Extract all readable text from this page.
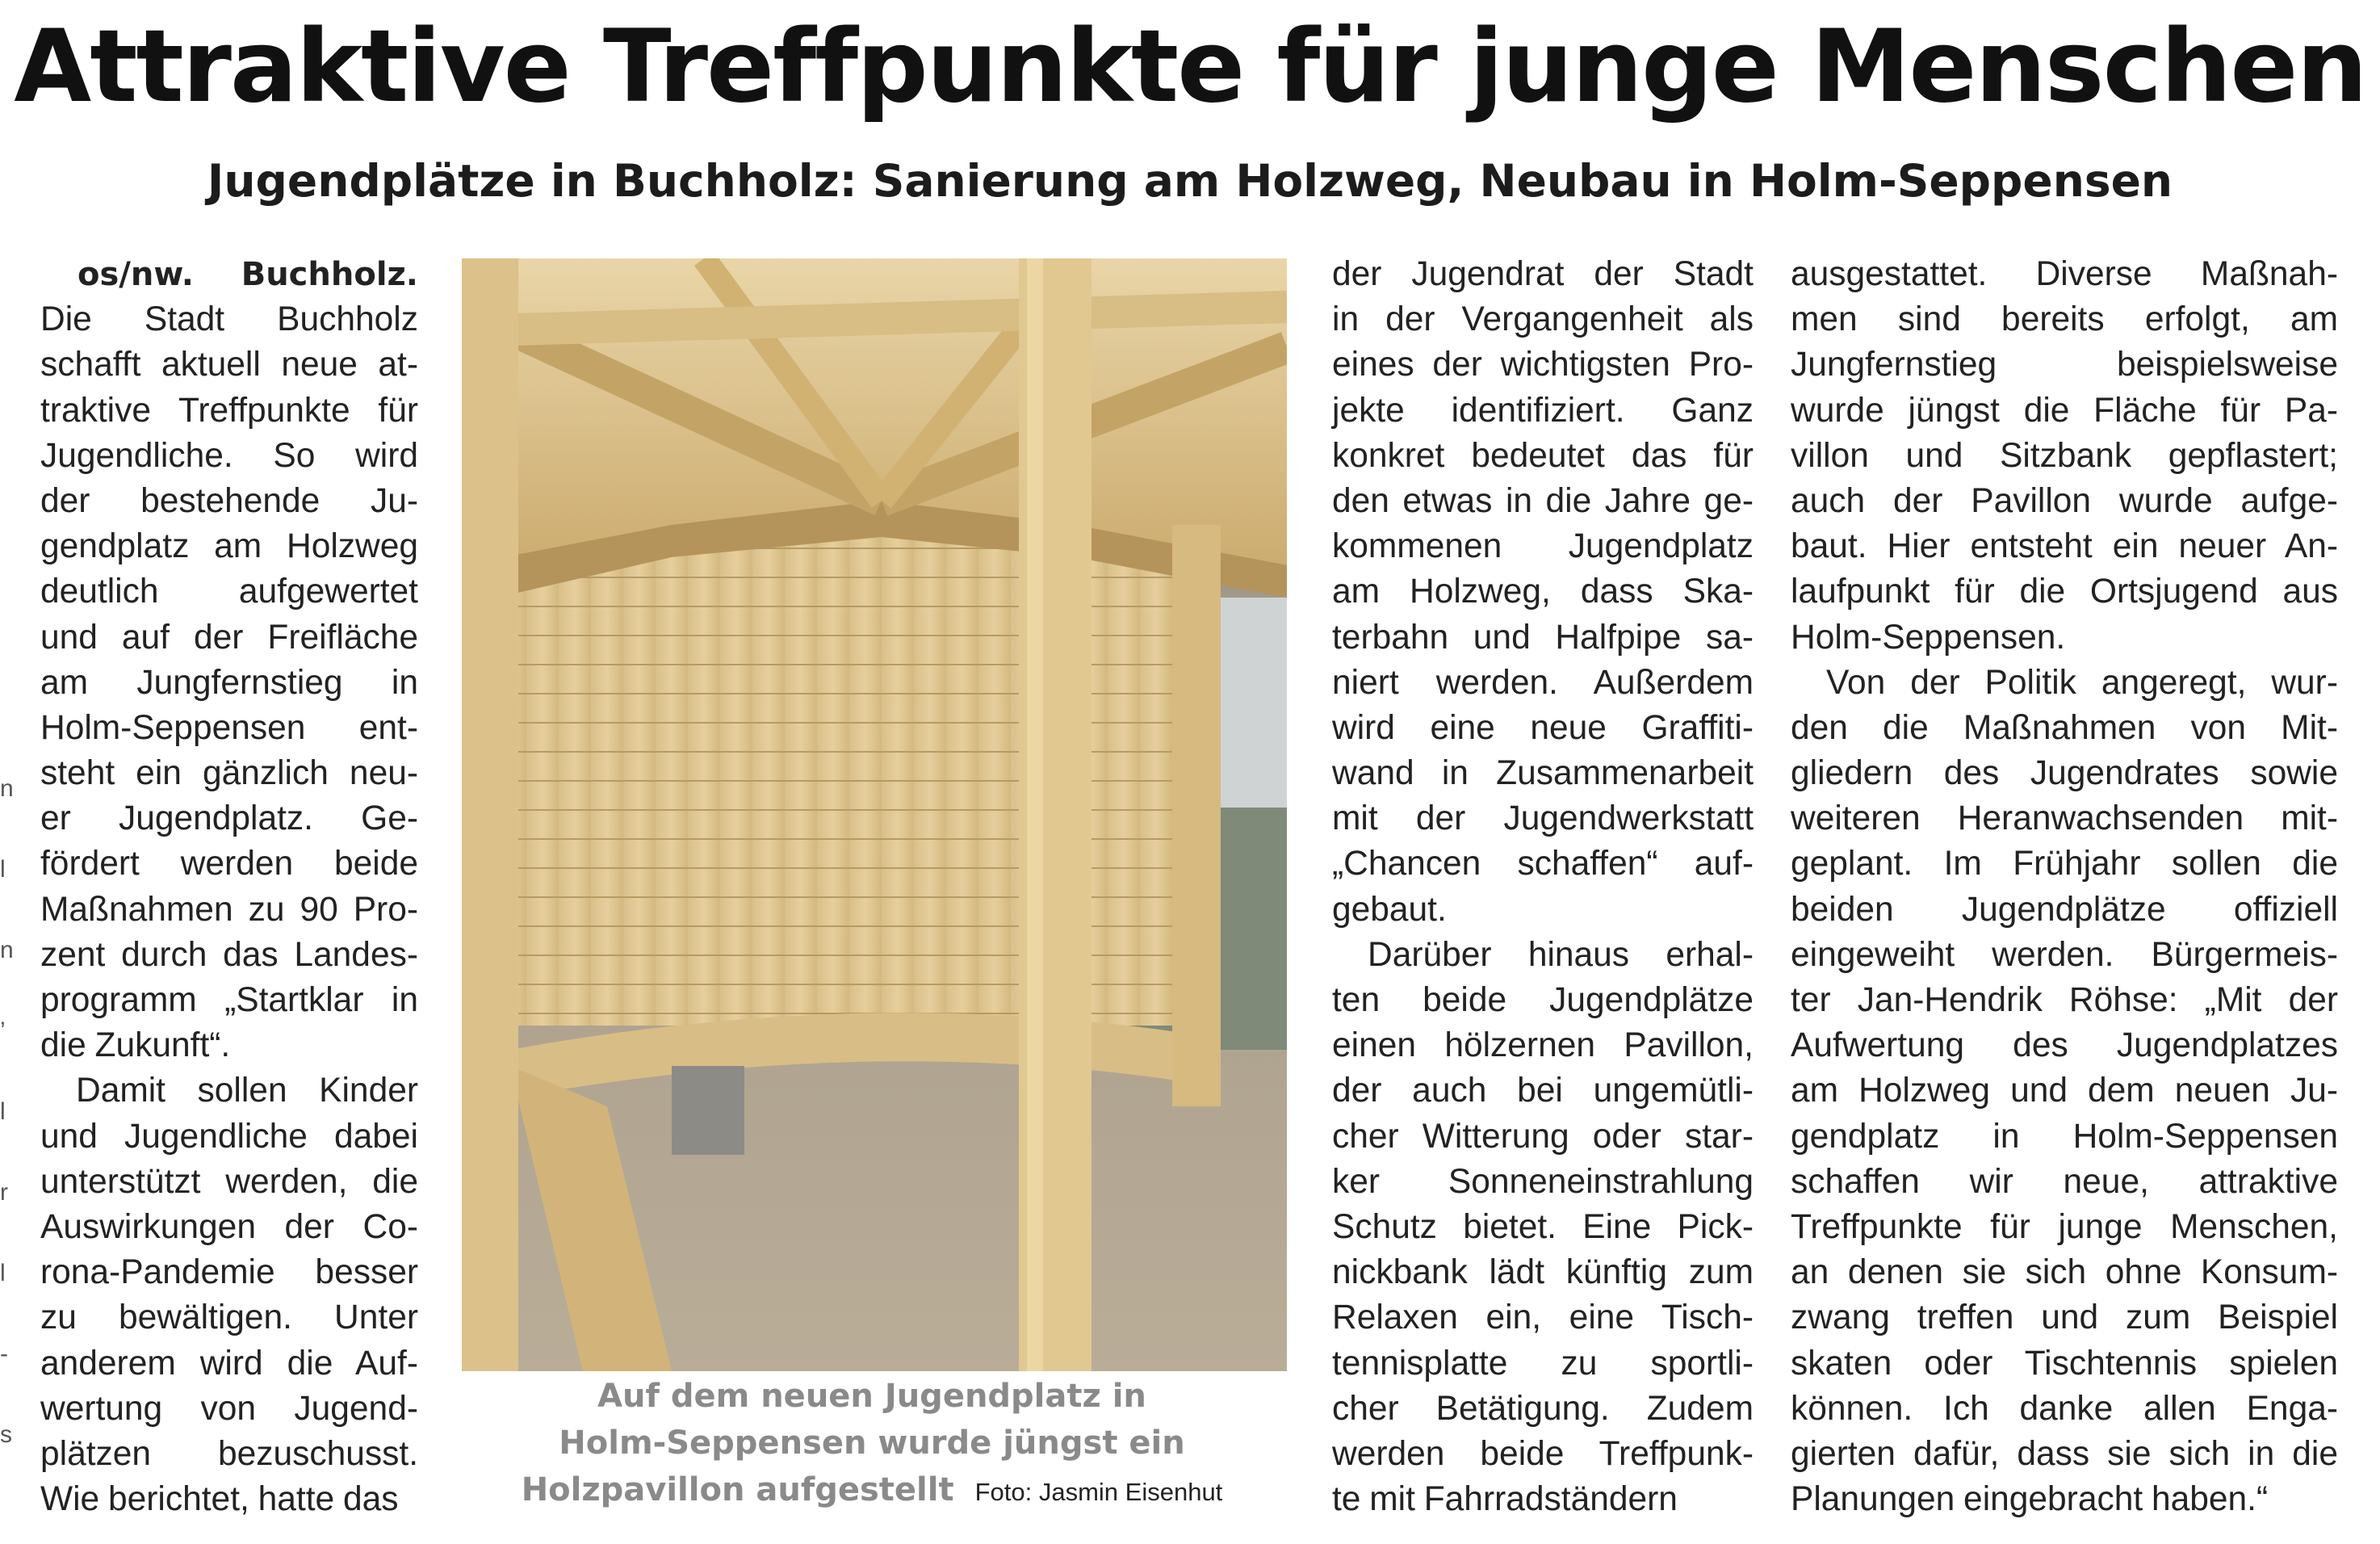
Attraktive Treffpunkte für junge Menschen
Jugendplätze in Buchholz: Sanierung am Holzweg, Neubau in Holm-Seppensen
os/nw. Buchholz.
Die Stadt Buchholz
schafft aktuell neue at-
traktive Treffpunkte für
Jugendliche. So wird
der bestehende Ju-
gendplatz am Holzweg
deutlich aufgewertet
und auf der Freifläche
am Jungfernstieg in
Holm-Seppensen ent-
steht ein gänzlich neu-
er Jugendplatz. Ge-
fördert werden beide
Maßnahmen zu 90 Pro-
zent durch das Landes-
programm „Startklar in
die Zukunft“.
Damit sollen Kinder
und Jugendliche dabei
unterstützt werden, die
Auswirkungen der Co-
rona-Pandemie besser
zu bewältigen. Unter
anderem wird die Auf-
wertung von Jugend-
plätzen bezuschusst.
Wie berichtet, hatte das
Auf dem neuen Jugendplatz in
Holm-Seppensen wurde jüngst ein
Holzpavillon aufgestellt Foto: Jasmin Eisenhut
der Jugendrat der Stadt
in der Vergangenheit als
eines der wichtigsten Pro-
jekte identifiziert. Ganz
konkret bedeutet das für
den etwas in die Jahre ge-
kommenen Jugendplatz
am Holzweg, dass Ska-
terbahn und Halfpipe sa-
niert werden. Außerdem
wird eine neue Graffiti-
wand in Zusammenarbeit
mit der Jugendwerkstatt
„Chancen schaffen“ auf-
gebaut.
Darüber hinaus erhal-
ten beide Jugendplätze
einen hölzernen Pavillon,
der auch bei ungemütli-
cher Witterung oder star-
ker Sonneneinstrahlung
Schutz bietet. Eine Pick-
nickbank lädt künftig zum
Relaxen ein, eine Tisch-
tennisplatte zu sportli-
cher Betätigung. Zudem
werden beide Treffpunk-
te mit Fahrradständern
ausgestattet. Diverse Maßnah-
men sind bereits erfolgt, am
Jungfernstieg beispielsweise
wurde jüngst die Fläche für Pa-
villon und Sitzbank gepflastert;
auch der Pavillon wurde aufge-
baut. Hier entsteht ein neuer An-
laufpunkt für die Ortsjugend aus
Holm-Seppensen.
Von der Politik angeregt, wur-
den die Maßnahmen von Mit-
gliedern des Jugendrates sowie
weiteren Heranwachsenden mit-
geplant. Im Frühjahr sollen die
beiden Jugendplätze offiziell
eingeweiht werden. Bürgermeis-
ter Jan-Hendrik Röhse: „Mit der
Aufwertung des Jugendplatzes
am Holzweg und dem neuen Ju-
gendplatz in Holm-Seppensen
schaffen wir neue, attraktive
Treffpunkte für junge Menschen,
an denen sie sich ohne Konsum-
zwang treffen und zum Beispiel
skaten oder Tischtennis spielen
können. Ich danke allen Enga-
gierten dafür, dass sie sich in die
Planungen eingebracht haben.“
n
l
n
’
l
r
l
-
s
